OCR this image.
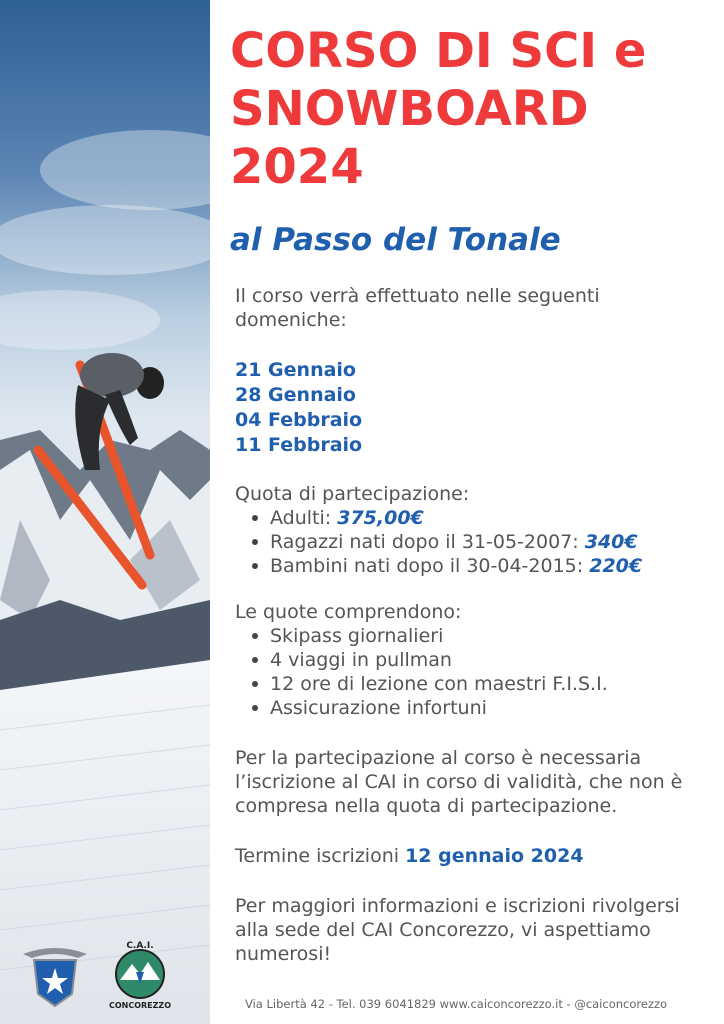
C.A.I.
CONCOREZZO
CORSO DI SCI e
SNOWBOARD
2024
al Passo del Tonale
Il corso verrà effettuato nelle seguenti domeniche:
21 Gennaio
28 Gennaio
04 Febbraio
11 Febbraio
Quota di partecipazione:
Adulti: 375,00€
Ragazzi nati dopo il 31-05-2007: 340€
Bambini nati dopo il 30-04-2015: 220€
Le quote comprendono:
Skipass giornalieri
4 viaggi in pullman
12 ore di lezione con maestri F.I.S.I.
Assicurazione infortuni
Per la partecipazione al corso è necessaria l’iscrizione al CAI in corso di validità, che non è compresa nella quota di partecipazione.
Termine iscrizioni 12 gennaio 2024
Per maggiori informazioni e iscrizioni rivolgersi alla sede del CAI Concorezzo, vi aspettiamo numerosi!
Via Libertà 42 - Tel. 039 6041829 www.caiconcorezzo.it - @caiconcorezzo
